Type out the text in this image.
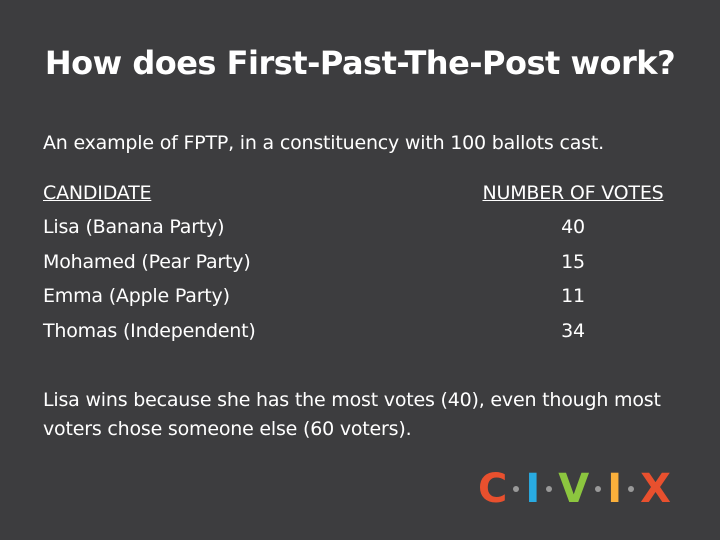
How does First-Past-The-Post work?
An example of FPTP, in a constituency with 100 ballots cast.
CANDIDATE
Lisa (Banana Party)
Mohamed (Pear Party)
Emma (Apple Party)
Thomas (Independent)
NUMBER OF VOTES
40
15
11
34
Lisa wins because she has the most votes (40), even though most voters chose someone else (60 voters).
C I V I X
